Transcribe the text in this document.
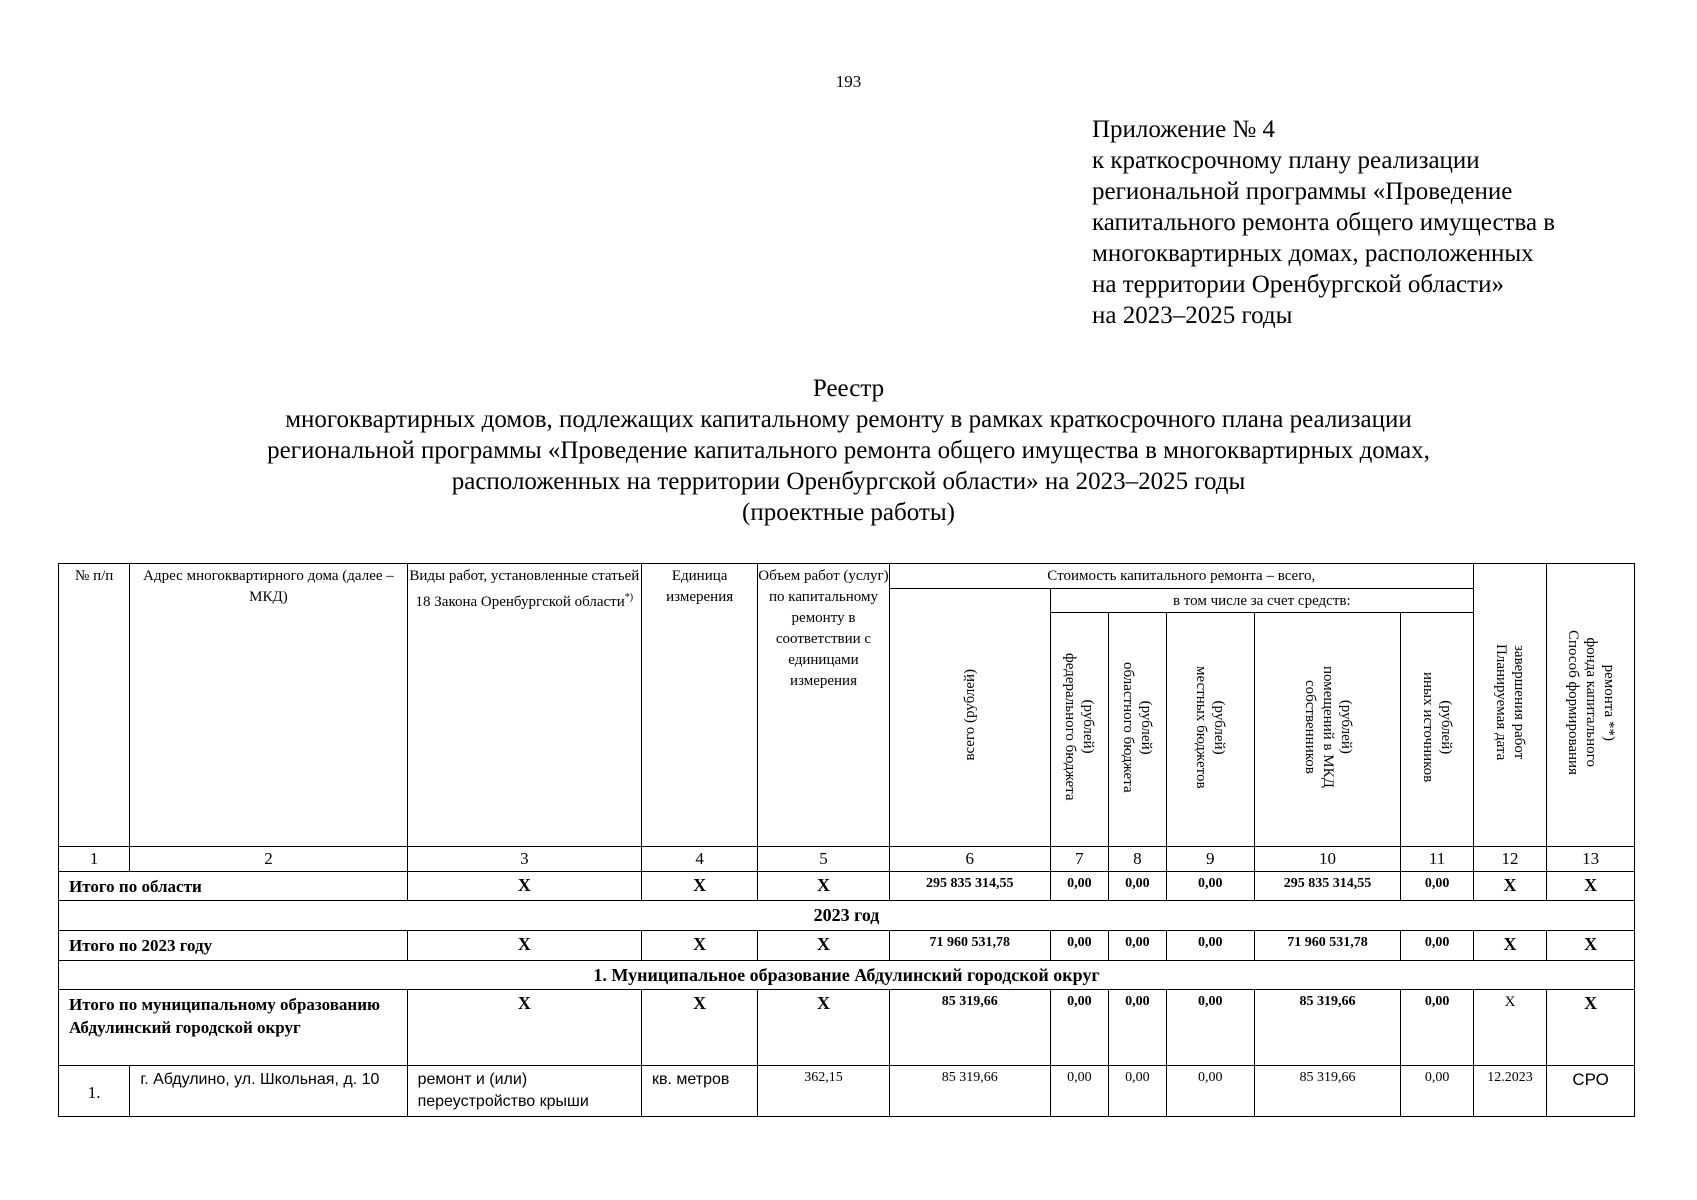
193
Приложение № 4
к краткосрочному плану реализации
региональной программы «Проведение
капитального ремонта общего имущества в
многоквартирных домах, расположенных
на территории Оренбургской области»
на 2023–2025 годы
Реестр
многоквартирных домов, подлежащих капитальному ремонту в рамках краткосрочного плана реализации
региональной программы «Проведение капитального ремонта общего имущества в многоквартирных домах,
расположенных на территории Оренбургской области» на 2023–2025 годы
(проектные работы)
№ п/п	Адрес многоквартирного дома (далее – МКД)	Виды работ, установленные статьей 18 Закона Оренбургской области*)	Единица измерения	Объем работ (услуг) по капитальному ремонту в соответствии с единицами измерения	Стоимость капитального ремонта – всего,						Планируемая дата завершения работ	Способ формирования фонда капитального ремонта **)
					всего (рублей)	в том числе за счет средств:						
						федерального бюджета (рублей)	областного бюджета (рублей)	местных бюджетов (рублей)	собственников помещений в МКД (рублей)	иных источников (рублей)		
1	2	3	4	5	6	7	8	9	10	11	12	13
Итого по области		X	X	X	295 835 314,55	0,00	0,00	0,00	295 835 314,55	0,00	X	X
2023 год												
Итого по 2023 году		X	X	X	71 960 531,78	0,00	0,00	0,00	71 960 531,78	0,00	X	X
1. Муниципальное образование Абдулинский городской округ												
Итого по муниципальному образованию Абдулинский городской округ		X	X	X	85 319,66	0,00	0,00	0,00	85 319,66	0,00	X	X
1.	г. Абдулино, ул. Школьная, д. 10	ремонт и (или) переустройство крыши	кв. метров	362,15	85 319,66	0,00	0,00	0,00	85 319,66	0,00	12.2023	СРО
